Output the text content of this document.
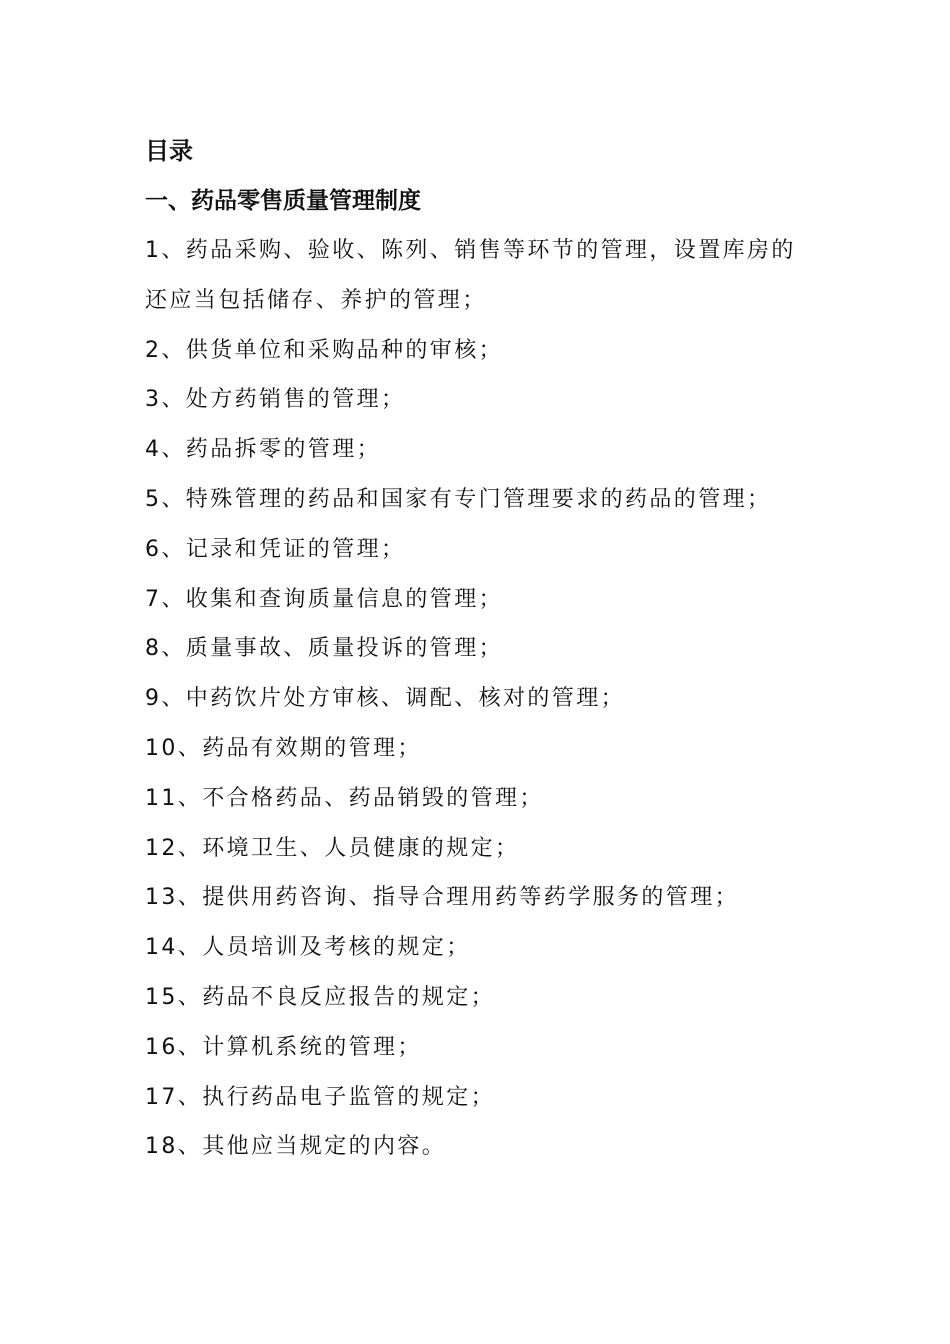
目录
一、药品零售质量管理制度
1、药品采购、验收、陈列、销售等环节的管理，设置库房的还应当包括储存、养护的管理；
2、供货单位和采购品种的审核；
3、处方药销售的管理；
4、药品拆零的管理；
5、特殊管理的药品和国家有专门管理要求的药品的管理；
6、记录和凭证的管理；
7、收集和查询质量信息的管理；
8、质量事故、质量投诉的管理；
9、中药饮片处方审核、调配、核对的管理；
10、药品有效期的管理；
11、不合格药品、药品销毁的管理；
12、环境卫生、人员健康的规定；
13、提供用药咨询、指导合理用药等药学服务的管理；
14、人员培训及考核的规定；
15、药品不良反应报告的规定；
16、计算机系统的管理；
17、执行药品电子监管的规定；
18、其他应当规定的内容。
